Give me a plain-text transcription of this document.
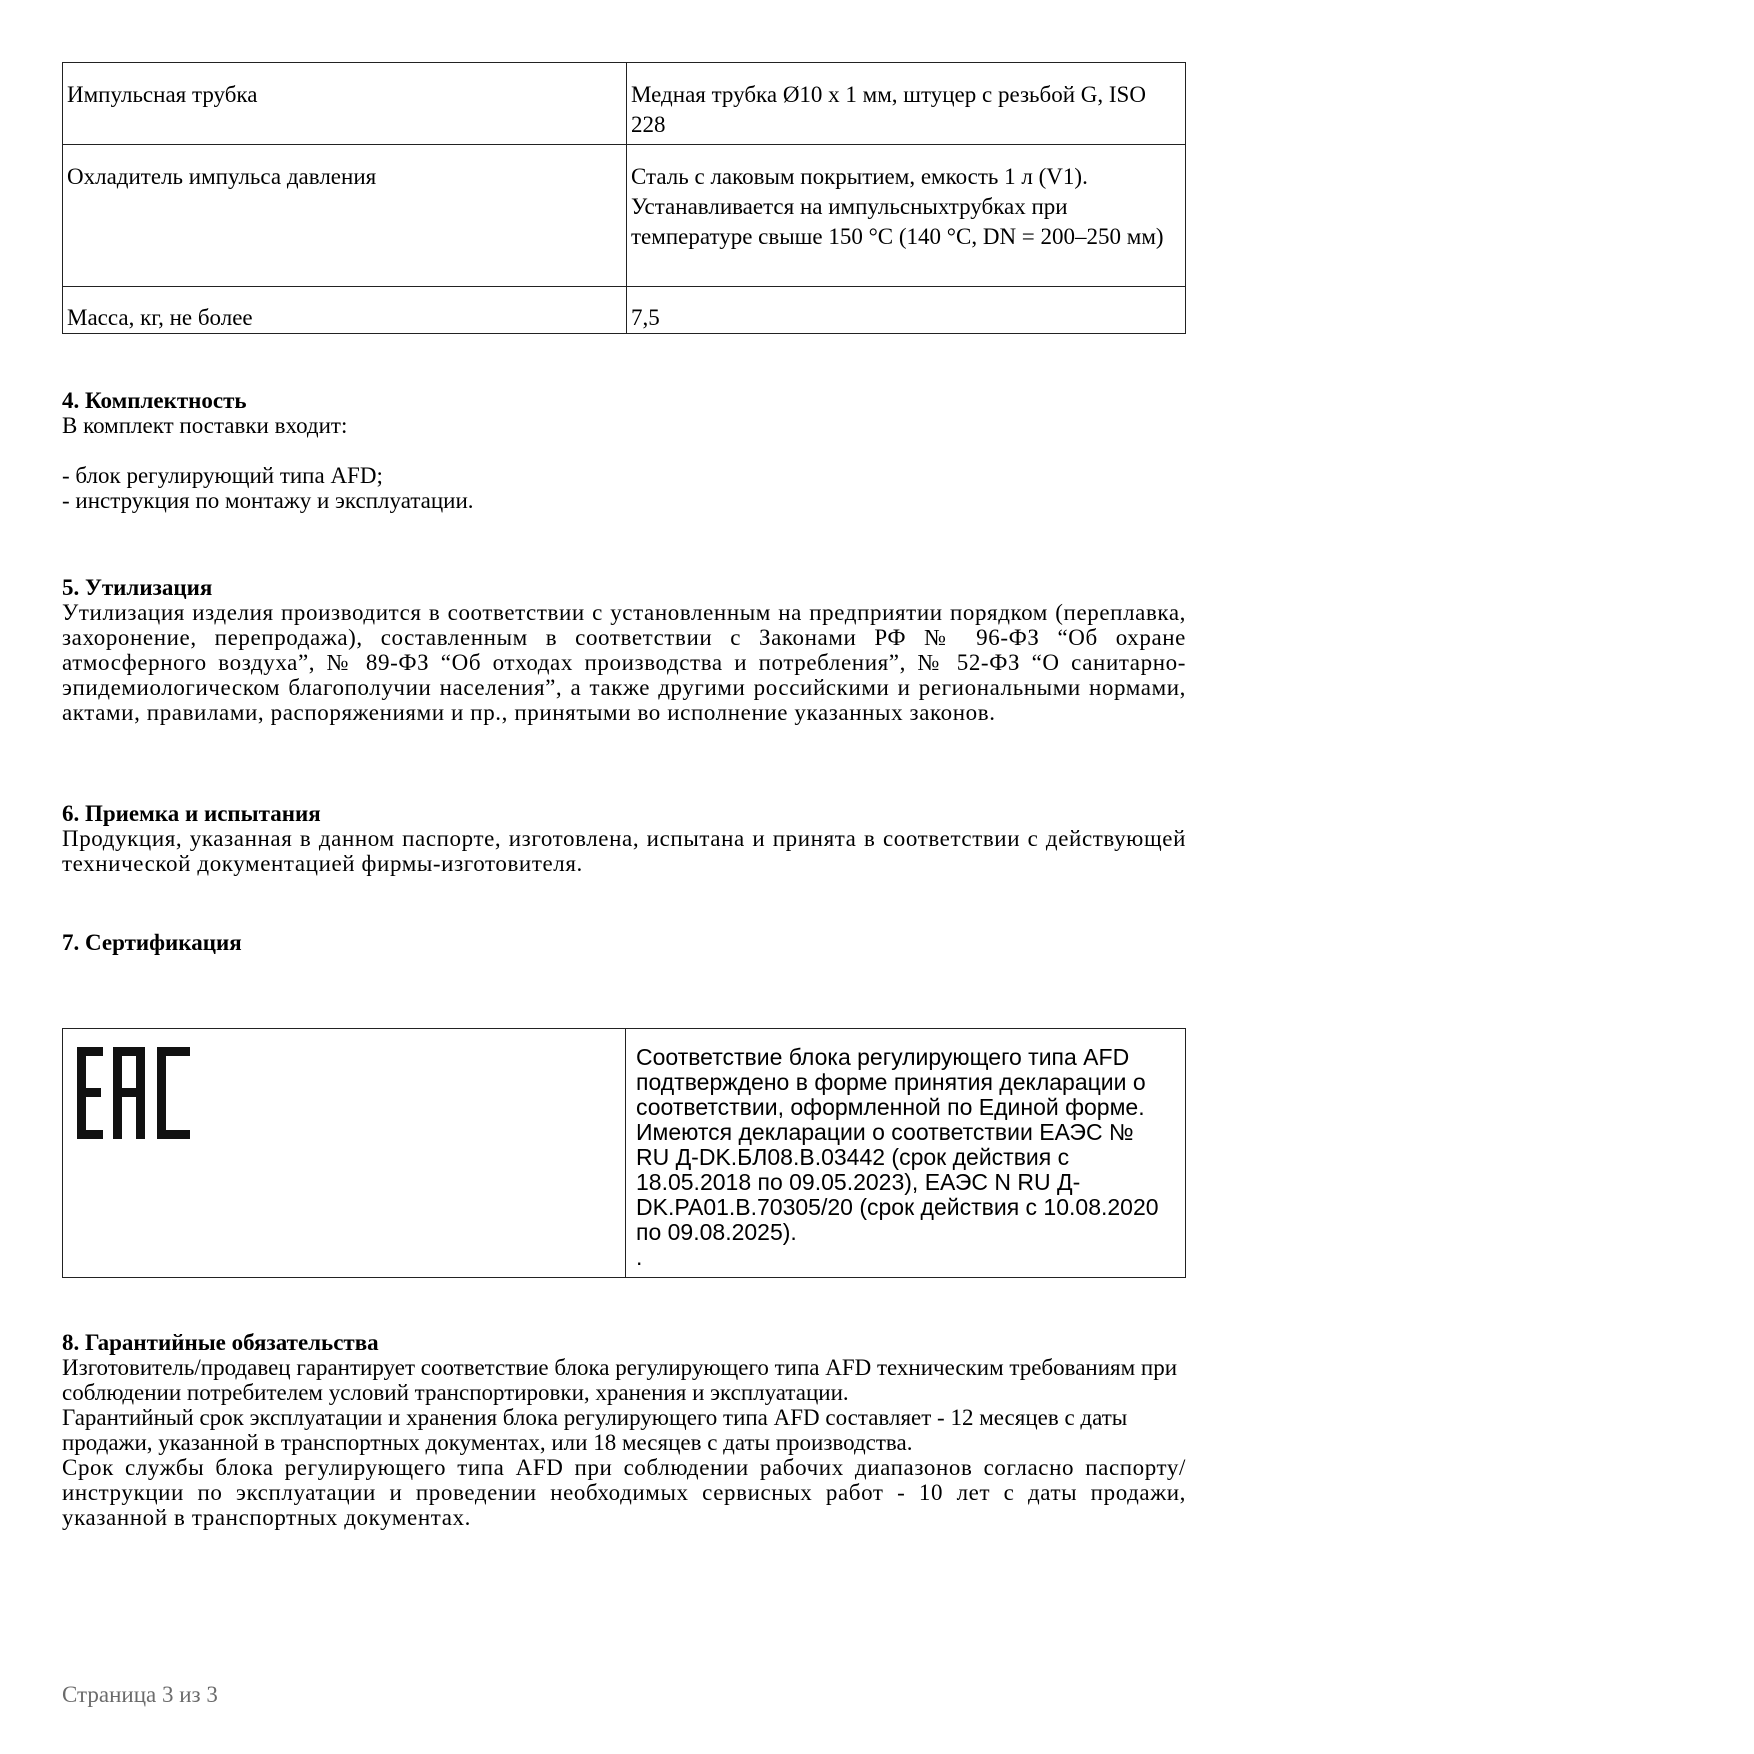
Импульсная трубка	Медная трубка Ø10 х 1 мм, штуцер с резьбой G, ISO 228
Охладитель импульса давления	Сталь с лаковым покрытием, емкость 1 л (V1). Устанавливается на импульсныхтрубках при температуре свыше 150 °С (140 °С, DN = 200–250 мм)
Масса, кг, не более	7,5
4. Комплектность

В комплект поставки входит:

- блок регулирующий типа AFD;

- инструкция по монтажу и эксплуатации.

5. Утилизация

Утилизация изделия производится в соответствии с установленным на предприятии порядком (переплавка, захоронение, перепродажа), составленным в соответствии с Законами РФ № 96-ФЗ “Об охране атмосферного воздуха”, № 89-ФЗ “Об отходах производства и потребления”, № 52-ФЗ “О санитарно-эпидемиологическом благополучии населения”, а также другими российскими и региональными нормами, актами, правилами, распоряжениями и пр., принятыми во исполнение указанных законов.

6. Приемка и испытания

Продукция, указанная в данном паспорте, изготовлена, испытана и принята в соответствии с действующей технической документацией фирмы-изготовителя.

7. Сертификация

Соответствие блока регулирующего типа AFD
подтверждено в форме принятия декларации о
соответствии, оформленной по Единой форме.
Имеются декларации о соответствии ЕАЭС №
RU Д-DK.БЛ08.В.03442 (срок действия с
18.05.2018 по 09.05.2023), ЕАЭС N RU Д-
DK.PA01.B.70305/20 (срок действия с 10.08.2020
по 09.08.2025).
.
8. Гарантийные обязательства

Изготовитель/продавец гарантирует соответствие блока регулирующего типа AFD техническим требованиям при соблюдении потребителем условий транспортировки, хранения и эксплуатации.

Гарантийный срок эксплуатации и хранения блока регулирующего типа AFD составляет - 12 месяцев с даты продажи, указанной в транспортных документах, или 18 месяцев с даты производства.

Срок службы блока регулирующего типа AFD при соблюдении рабочих диапазонов согласно паспорту/инструкции по эксплуатации и проведении необходимых сервисных работ - 10 лет с даты продажи, указанной в транспортных документах.

Страница 3 из 3
